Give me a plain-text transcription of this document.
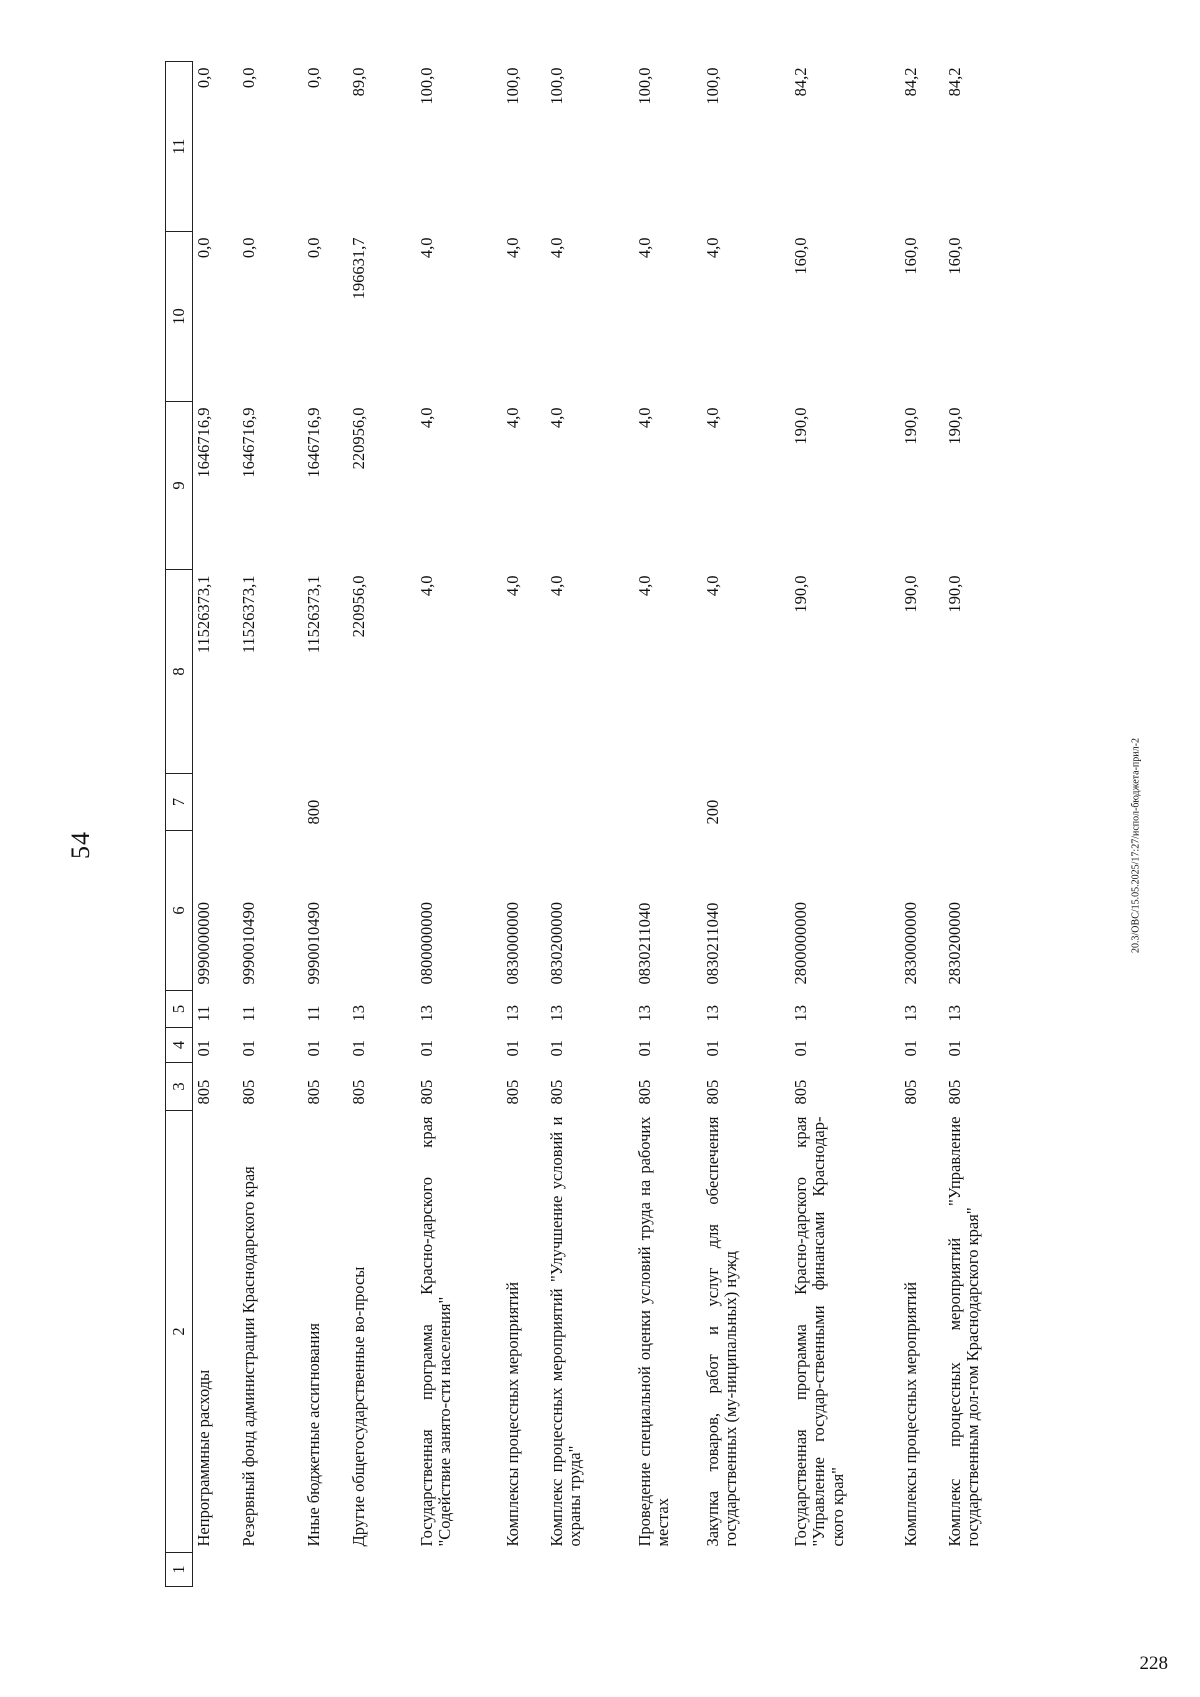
54
1	2	3	4	5	6	7	8	9	10	11
	Непрограммные расходы	805	01	11	9990000000		11526373,1	1646716,9	0,0	0,0
	Резервный фонд администрации Краснодарского края	805	01	11	9990010490		11526373,1	1646716,9	0,0	0,0
	Иные бюджетные ассигнования	805	01	11	9990010490	800	11526373,1	1646716,9	0,0	0,0
	Другие общегосударственные во-просы	805	01	13			220956,0	220956,0	196631,7	89,0
	Государственная программа Красно-дарского края "Содействие занято-сти населения"	805	01	13	0800000000		4,0	4,0	4,0	100,0
	Комплексы процессных мероприятий	805	01	13	0830000000		4,0	4,0	4,0	100,0
	Комплекс процессных мероприятий "Улучшение условий и охраны труда"	805	01	13	0830200000		4,0	4,0	4,0	100,0
	Проведение специальной оценки условий труда на рабочих местах	805	01	13	0830211040		4,0	4,0	4,0	100,0
	Закупка товаров, работ и услуг для обеспечения государственных (му-ниципальных) нужд	805	01	13	0830211040	200	4,0	4,0	4,0	100,0
	Государственная программа Красно-дарского края "Управление государ-ственными финансами Краснодар-ского края"	805	01	13	2800000000		190,0	190,0	160,0	84,2
	Комплексы процессных мероприятий	805	01	13	2830000000		190,0	190,0	160,0	84,2
	Комплекс процессных мероприятий "Управление государственным дол-гом Краснодарского края"	805	01	13	2830200000		190,0	190,0	160,0	84,2
20.3/OBC/15.05.2025/17:27/испол-бюджета-прил-2
228
